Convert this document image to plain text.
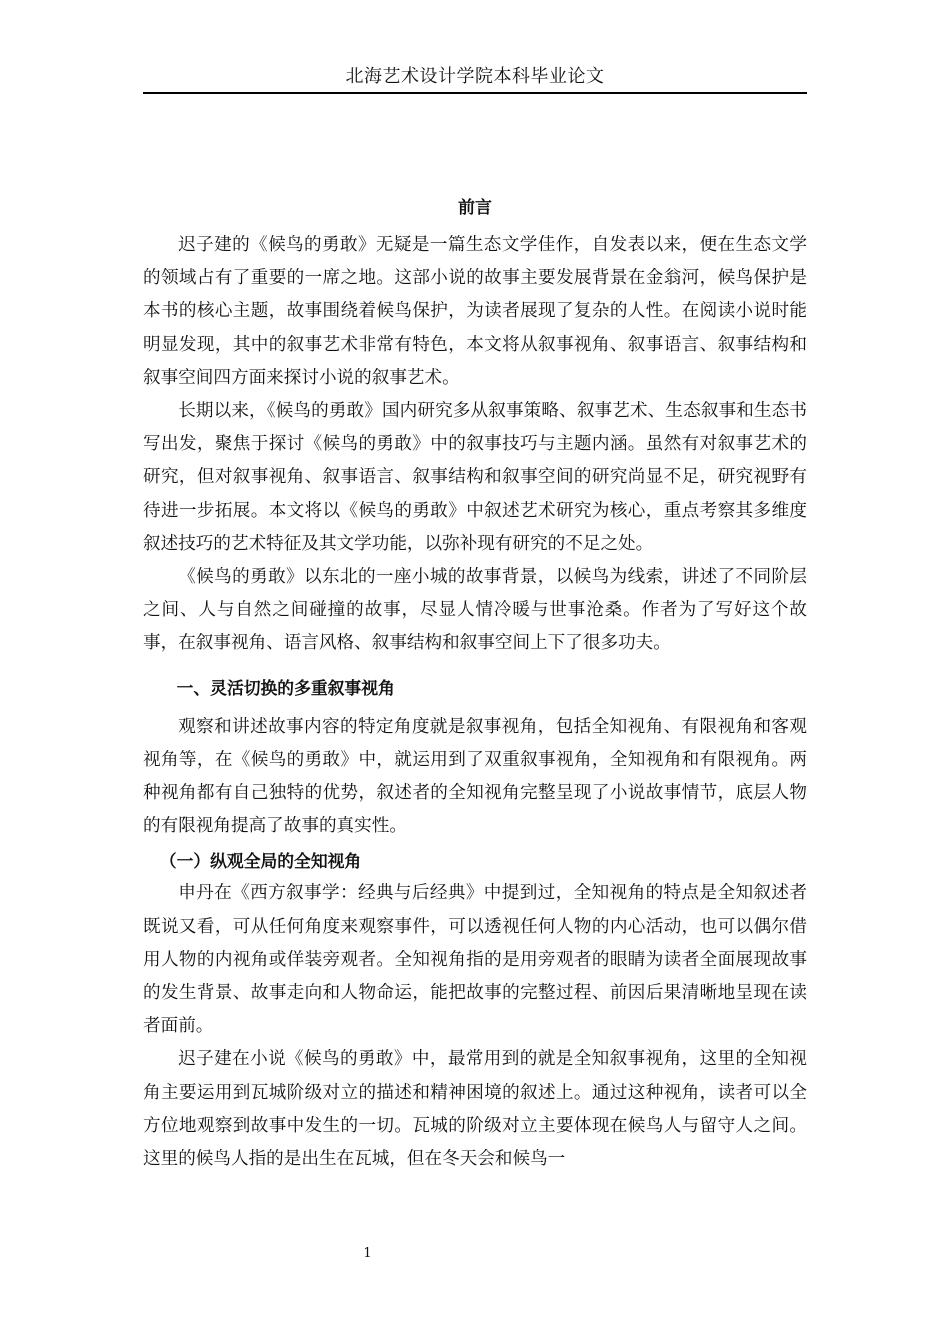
北海艺术设计学院本科毕业论文
前言

迟子建的《候鸟的勇敢》无疑是一篇生态文学佳作，自发表以来，便在生态文学的领域占有了重要的一席之地。这部小说的故事主要发展背景在金翁河，候鸟保护是本书的核心主题，故事围绕着候鸟保护，为读者展现了复杂的人性。在阅读小说时能明显发现，其中的叙事艺术非常有特色，本文将从叙事视角、叙事语言、叙事结构和叙事空间四方面来探讨小说的叙事艺术。

长期以来，《候鸟的勇敢》国内研究多从叙事策略、叙事艺术、生态叙事和生态书写出发，聚焦于探讨《候鸟的勇敢》中的叙事技巧与主题内涵。虽然有对叙事艺术的研究，但对叙事视角、叙事语言、叙事结构和叙事空间的研究尚显不足，研究视野有待进一步拓展。本文将以《候鸟的勇敢》中叙述艺术研究为核心，重点考察其多维度叙述技巧的艺术特征及其文学功能，以弥补现有研究的不足之处。

《候鸟的勇敢》以东北的一座小城的故事背景，以候鸟为线索，讲述了不同阶层之间、人与自然之间碰撞的故事，尽显人情冷暖与世事沧桑。作者为了写好这个故事，在叙事视角、语言风格、叙事结构和叙事空间上下了很多功夫。

一、灵活切换的多重叙事视角

观察和讲述故事内容的特定角度就是叙事视角，包括全知视角、有限视角和客观视角等，在《候鸟的勇敢》中，就运用到了双重叙事视角，全知视角和有限视角。两种视角都有自己独特的优势，叙述者的全知视角完整呈现了小说故事情节，底层人物的有限视角提高了故事的真实性。

（一）纵观全局的全知视角

申丹在《西方叙事学：经典与后经典》中提到过，全知视角的特点是全知叙述者既说又看，可从任何角度来观察事件，可以透视任何人物的内心活动，也可以偶尔借用人物的内视角或佯装旁观者。全知视角指的是用旁观者的眼睛为读者全面展现故事的发生背景、故事走向和人物命运，能把故事的完整过程、前因后果清晰地呈现在读者面前。

迟子建在小说《候鸟的勇敢》中，最常用到的就是全知叙事视角，这里的全知视角主要运用到瓦城阶级对立的描述和精神困境的叙述上。通过这种视角，读者可以全方位地观察到故事中发生的一切。瓦城的阶级对立主要体现在候鸟人与留守人之间。这里的候鸟人指的是出生在瓦城，但在冬天会和候鸟一

1
